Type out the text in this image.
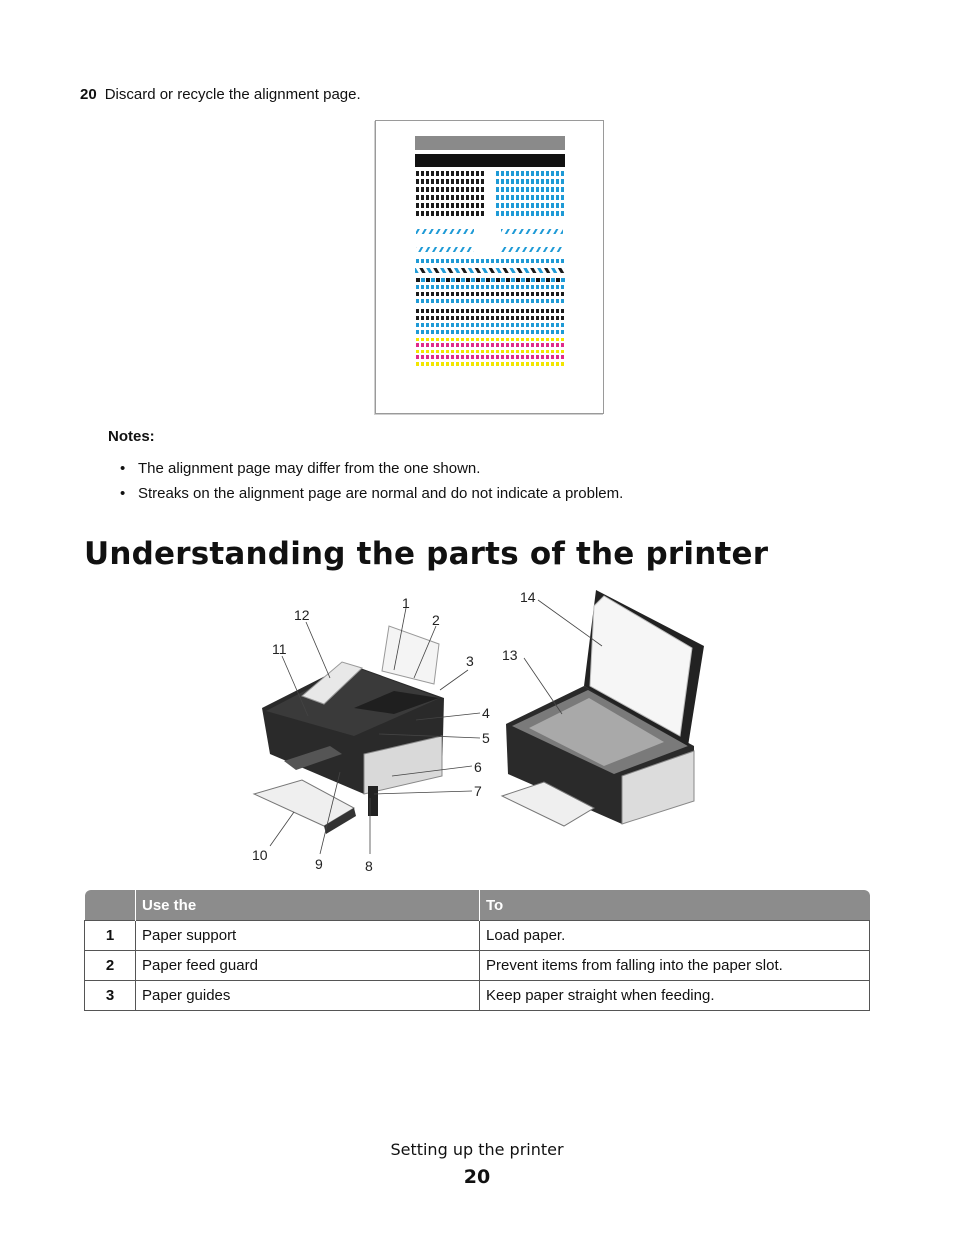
20 Discard or recycle the alignment page.
Notes:
• The alignment page may differ from the one shown.
• Streaks on the alignment page are normal and do not indicate a problem.
Understanding the parts of the printer
1
2
3
4
5
6
7
8
9
10
11
12
13
14
	Use the	To
1	Paper support	Load paper.
2	Paper feed guard	Prevent items from falling into the paper slot.
3	Paper guides	Keep paper straight when feeding.
Setting up the printer
20
